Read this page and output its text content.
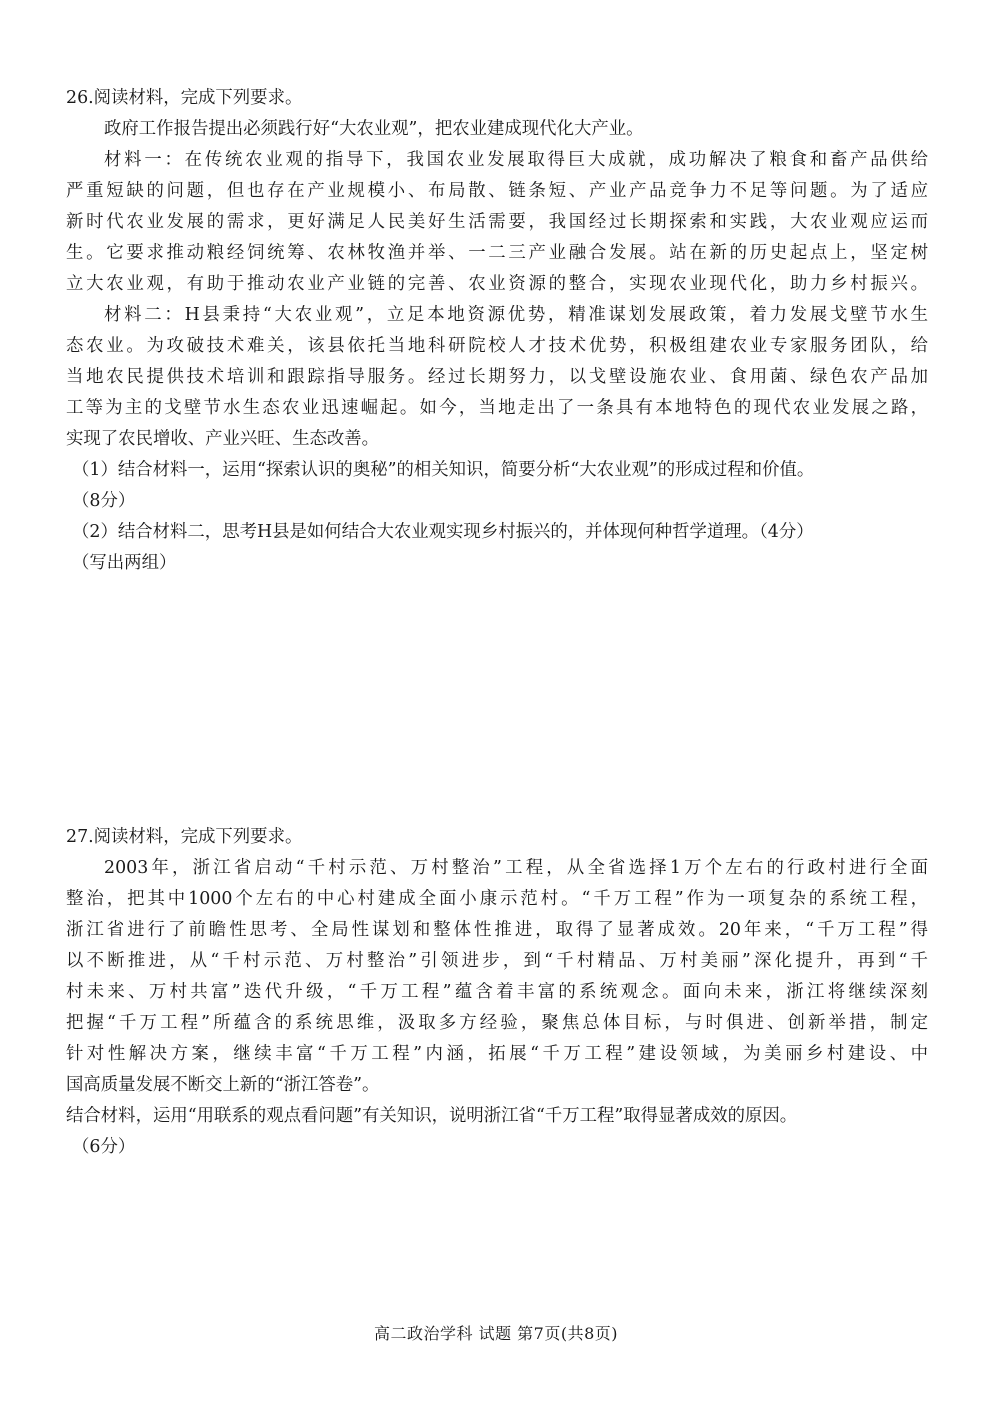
26.阅读材料，完成下列要求。
政府工作报告提出必须践行好“大农业观”，把农业建成现代化大产业。
材料一：在传统农业观的指导下，我国农业发展取得巨大成就，成功解决了粮食和畜产品供给
严重短缺的问题，但也存在产业规模小、布局散、链条短、产业产品竞争力不足等问题。为了适应
新时代农业发展的需求，更好满足人民美好生活需要，我国经过长期探索和实践，大农业观应运而
生。它要求推动粮经饲统筹、农林牧渔并举、一二三产业融合发展。站在新的历史起点上，坚定树
立大农业观，有助于推动农业产业链的完善、农业资源的整合，实现农业现代化，助力乡村振兴。
材料二：H县秉持“大农业观”，立足本地资源优势，精准谋划发展政策，着力发展戈壁节水生
态农业。为攻破技术难关，该县依托当地科研院校人才技术优势，积极组建农业专家服务团队，给
当地农民提供技术培训和跟踪指导服务。经过长期努力，以戈壁设施农业、食用菌、绿色农产品加
工等为主的戈壁节水生态农业迅速崛起。如今，当地走出了一条具有本地特色的现代农业发展之路，
实现了农民增收、产业兴旺、生态改善。
（1）结合材料一，运用“探索认识的奥秘”的相关知识，简要分析“大农业观”的形成过程和价值。
（8分）
（2）结合材料二，思考H县是如何结合大农业观实现乡村振兴的，并体现何种哲学道理。（4分）
（写出两组）
27.阅读材料，完成下列要求。
2003年，浙江省启动“千村示范、万村整治”工程，从全省选择1万个左右的行政村进行全面
整治，把其中1000个左右的中心村建成全面小康示范村。“千万工程”作为一项复杂的系统工程，
浙江省进行了前瞻性思考、全局性谋划和整体性推进，取得了显著成效。20年来，“千万工程”得
以不断推进，从“千村示范、万村整治”引领进步，到“千村精品、万村美丽”深化提升，再到“千
村未来、万村共富”迭代升级，“千万工程”蕴含着丰富的系统观念。面向未来，浙江将继续深刻
把握“千万工程”所蕴含的系统思维，汲取多方经验，聚焦总体目标，与时俱进、创新举措，制定
针对性解决方案，继续丰富“千万工程”内涵，拓展“千万工程”建设领域，为美丽乡村建设、中
国高质量发展不断交上新的“浙江答卷”。
结合材料，运用“用联系的观点看问题”有关知识，说明浙江省“千万工程”取得显著成效的原因。
（6分）
高二政治学科 试题 第7页(共8页)
